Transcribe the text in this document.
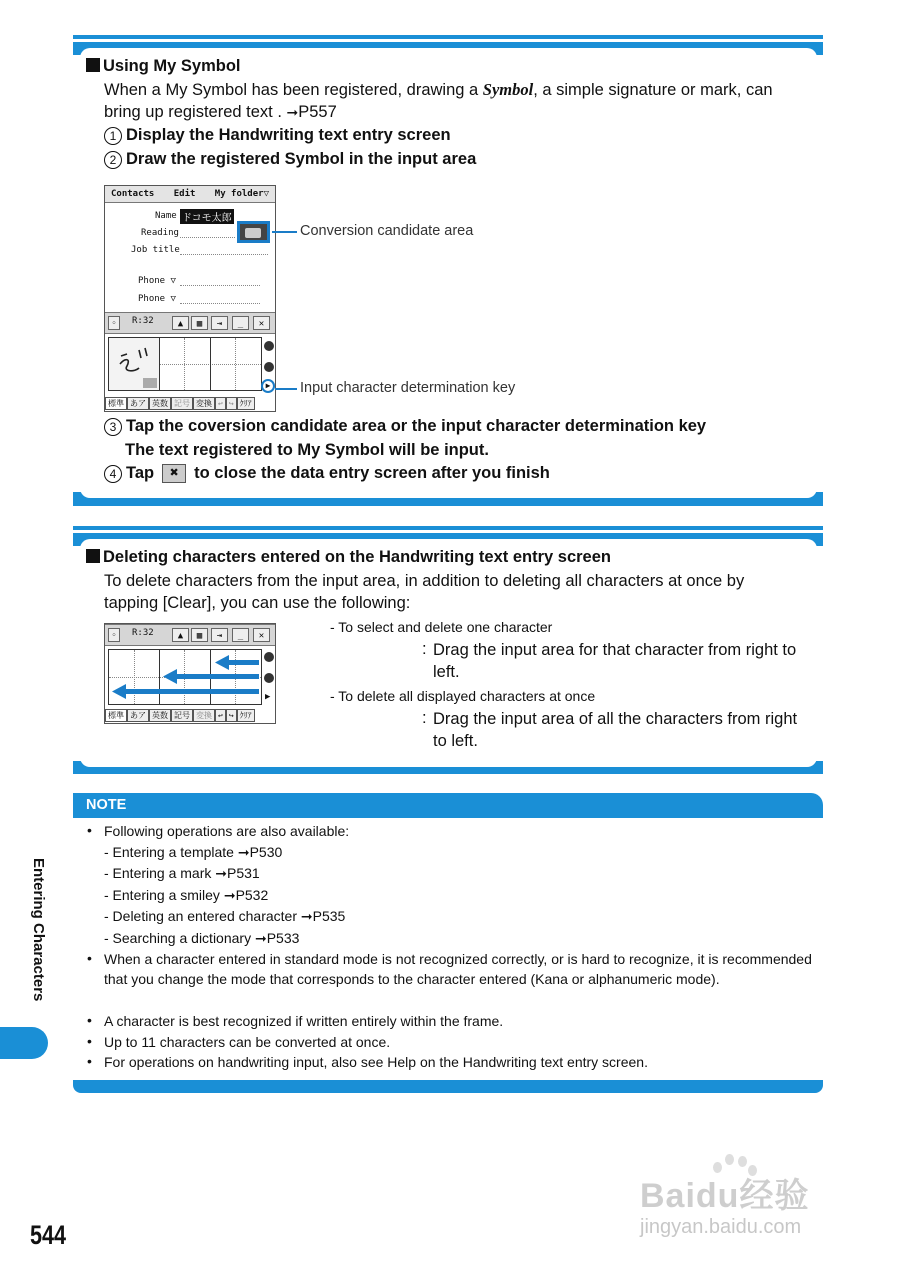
Using My Symbol
When a My Symbol has been registered, drawing a Symbol, a simple signature or mark, can
bring up registered text . ➞P557
1 Display the Handwriting text entry screen
2 Draw the registered Symbol in the input area
Contacts Edit My folder▽
Name ドコモ太郎
Reading
Job title
Phone ▽
Phone ▽
◦	R:32	▲	▦	⇥	_	✕
▶
標準 あア 英数 記号 変換 ↩ ↪ ｸﾘｱ
Conversion candidate area
Input character determination key
3 Tap the coversion candidate area or the input character determination key
The text registered to My Symbol will be input.
4 Tap	✖ to close the data entry screen after you finish
Deleting characters entered on the Handwriting text entry screen
To delete characters from the input area, in addition to deleting all characters at once by
tapping [Clear], you can use the following:
◦	R:32	▲	▦	⇥	_	✕
▶
標準 あア 英数 記号 変換 ↩ ↪ ｸﾘｱ
- To select and delete one character
: Drag the input area for that character from right to
left.
- To delete all displayed characters at once
: Drag the input area of all the characters from right
to left.
NOTE
• Following operations are also available:
- Entering a template ➞P530
- Entering a mark ➞P531
- Entering a smiley ➞P532
- Deleting an entered character ➞P535
- Searching a dictionary ➞P533
• When a character entered in standard mode is not recognized correctly, or is hard to recognize, it is recommended that you change the mode that corresponds to the character entered (Kana or alphanumeric mode).
• A character is best recognized if written entirely within the frame.
• Up to 11 characters can be converted at once.
• For operations on handwriting input, also see Help on the Handwriting text entry screen.
Entering Characters
544
Baidu经验
jingyan.baidu.com
